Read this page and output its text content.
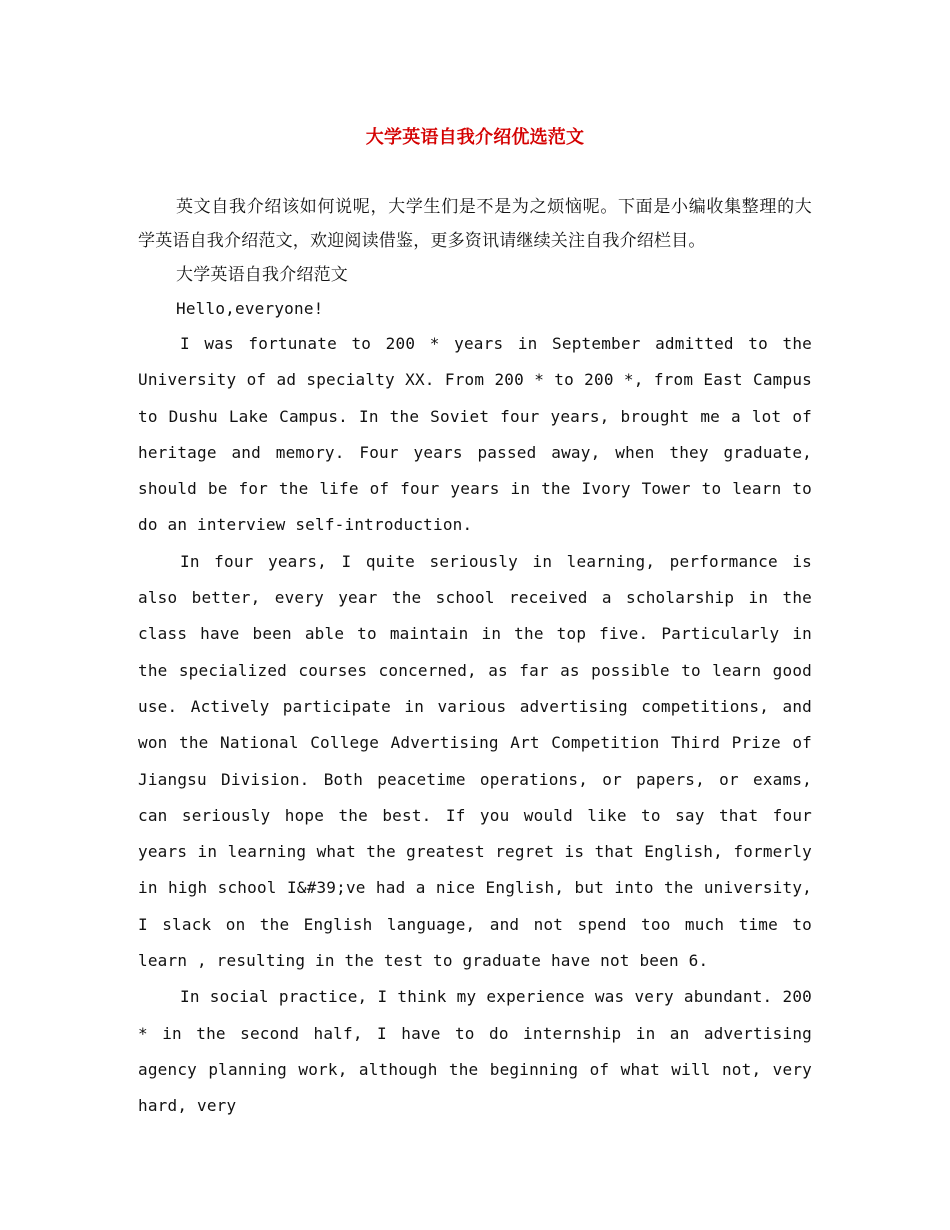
大学英语自我介绍优选范文

英文自我介绍该如何说呢，大学生们是不是为之烦恼呢。下面是小编收集整理的大学英语自我介绍范文，欢迎阅读借鉴，更多资讯请继续关注自我介绍栏目。

大学英语自我介绍范文

Hello,everyone!

I was fortunate to 200 * years in September admitted to the University of ad specialty XX. From 200 * to 200 *, from East Campus to Dushu Lake Campus. In the Soviet four years, brought me a lot of heritage and memory. Four years passed away, when they graduate, should be for the life of four years in the Ivory Tower to learn to do an interview self-introduction.

In four years, I quite seriously in learning, performance is also better, every year the school received a scholarship in the class have been able to maintain in the top five. Particularly in the specialized courses concerned, as far as possible to learn good use. Actively participate in various advertising competitions, and won the National College Advertising Art Competition Third Prize of Jiangsu Division. Both peacetime operations, or papers, or exams, can seriously hope the best. If you would like to say that four years in learning what the greatest regret is that English, formerly in high school I&#39;ve had a nice English, but into the university, I slack on the English language, and not spend too much time to learn , resulting in the test to graduate have not been 6.

In social practice, I think my experience was very abundant. 200 * in the second half, I have to do internship in an advertising agency planning work, although the beginning of what will not, very hard, very
